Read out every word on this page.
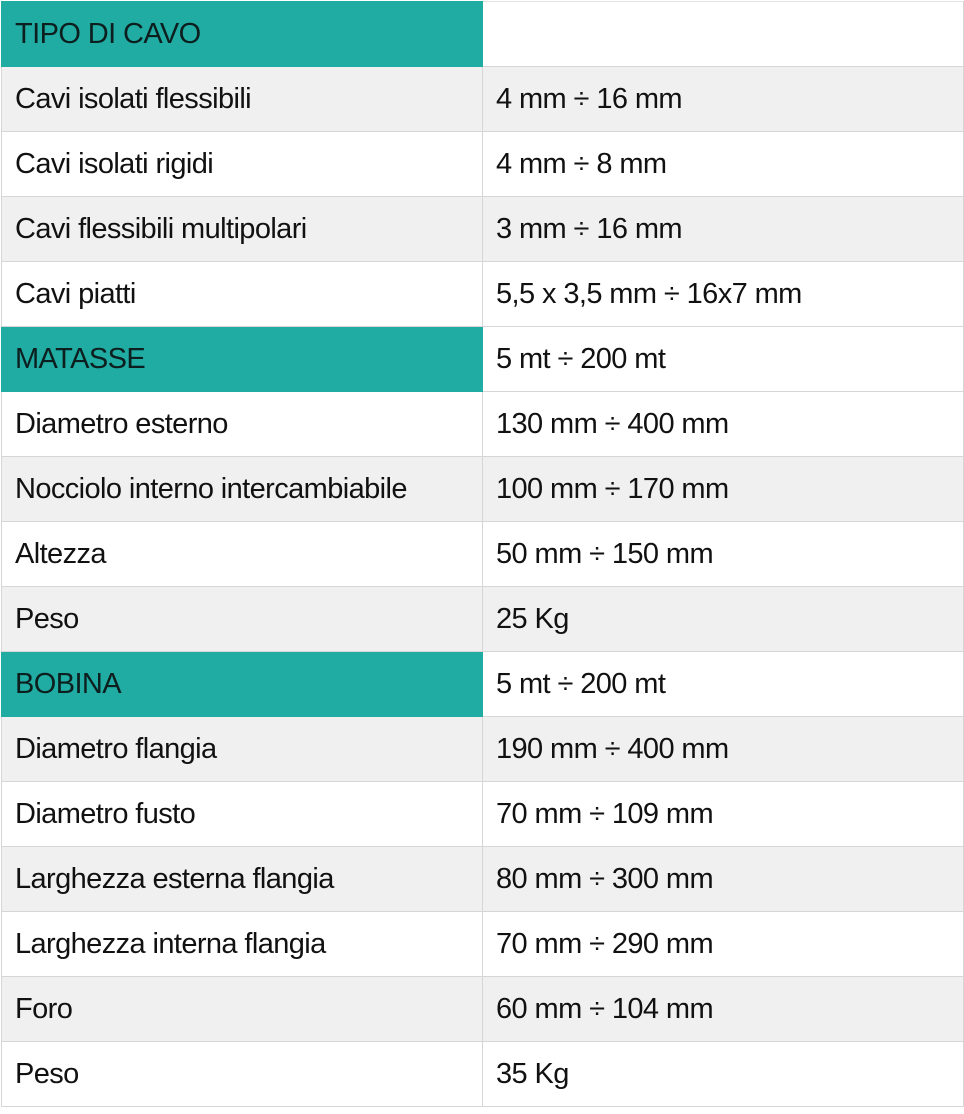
TIPO DI CAVO	
Cavi isolati flessibili	4 mm ÷ 16 mm
Cavi isolati rigidi	4 mm ÷ 8 mm
Cavi flessibili multipolari	3 mm ÷ 16 mm
Cavi piatti	5,5 x 3,5 mm ÷ 16x7 mm
MATASSE	5 mt ÷ 200 mt
Diametro esterno	130 mm ÷ 400 mm
Nocciolo interno intercambiabile	100 mm ÷ 170 mm
Altezza	50 mm ÷ 150 mm
Peso	25 Kg
BOBINA	5 mt ÷ 200 mt
Diametro flangia	190 mm ÷ 400 mm
Diametro fusto	70 mm ÷ 109 mm
Larghezza esterna flangia	80 mm ÷ 300 mm
Larghezza interna flangia	70 mm ÷ 290 mm
Foro	60 mm ÷ 104 mm
Peso	35 Kg
